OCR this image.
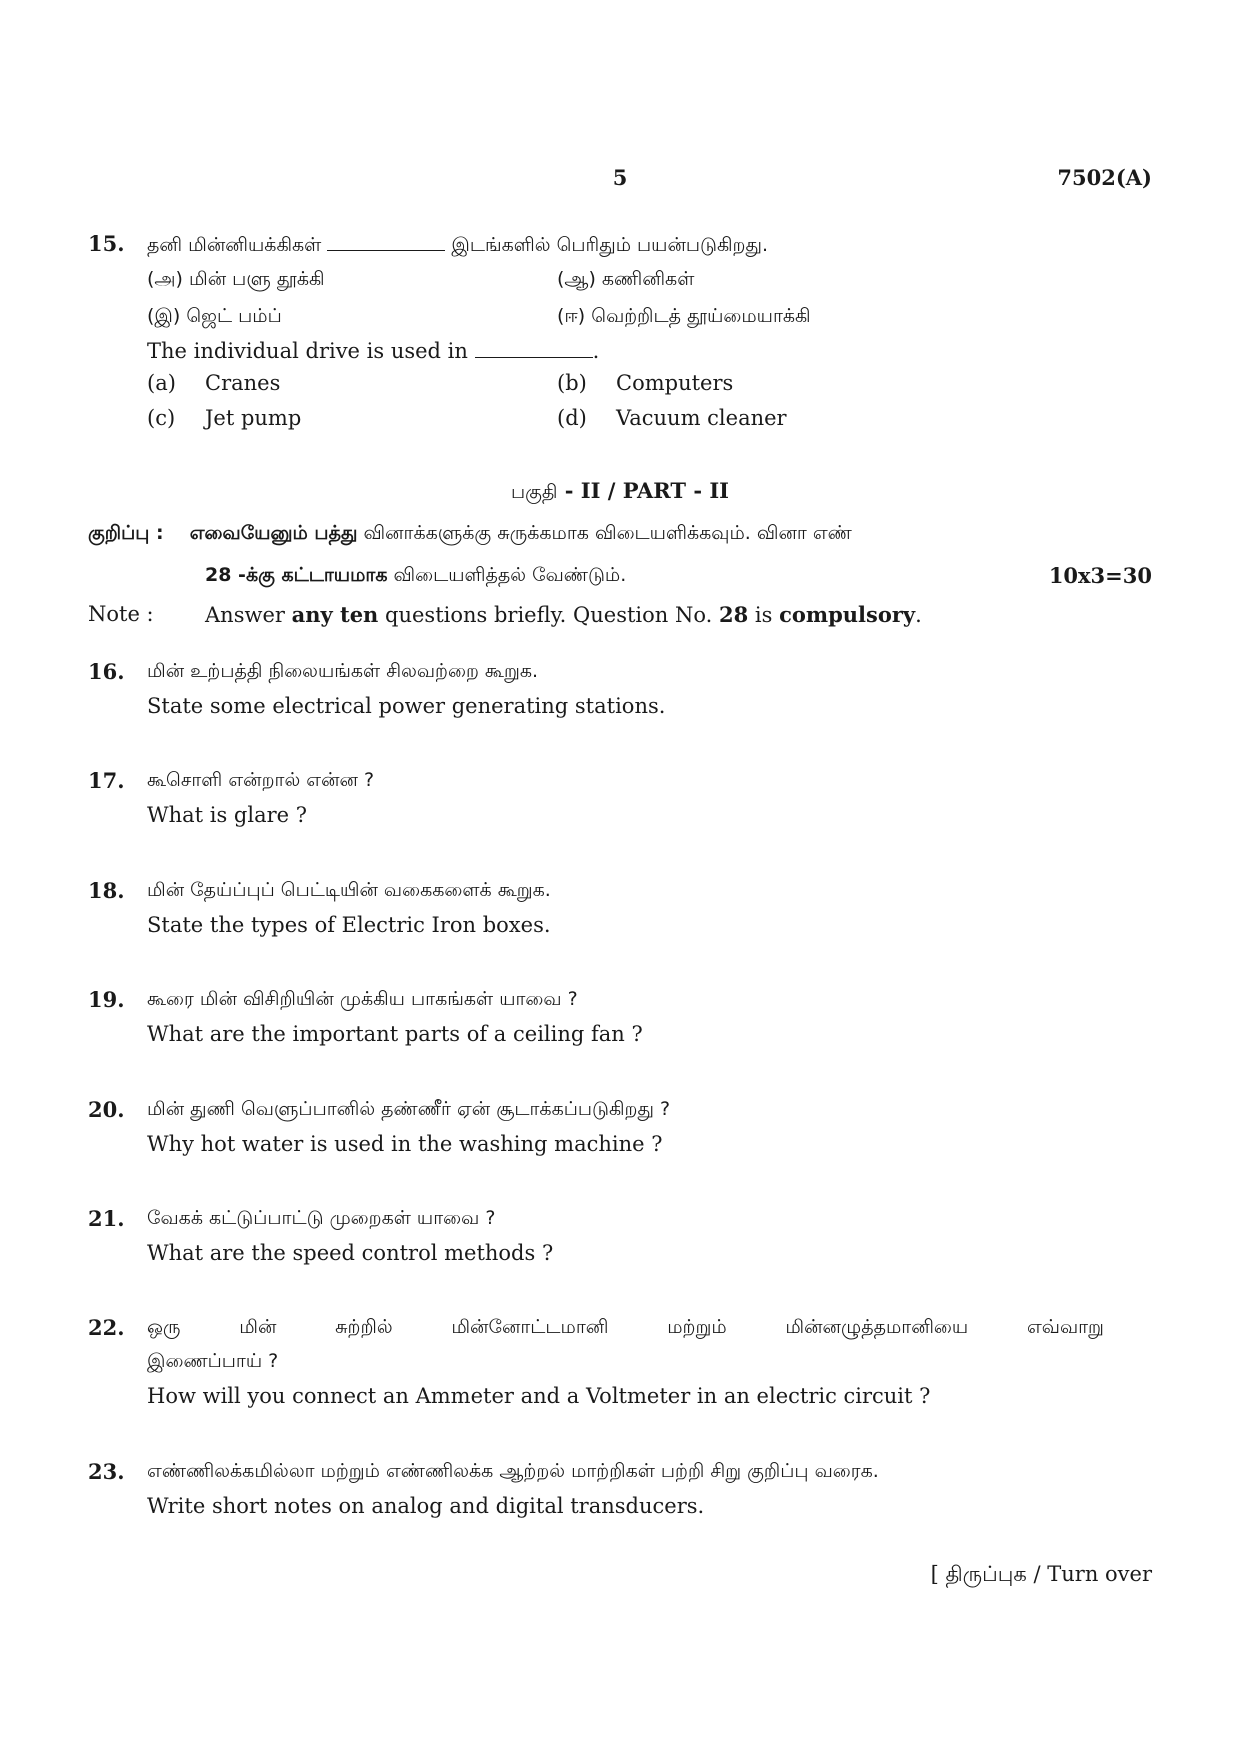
5	7502(A)
15. தனி மின்னியக்கிகள்	இடங்களில் பெரிதும் பயன்படுகிறது.
(அ) மின் பளு தூக்கி	(ஆ) கணினிகள்
(இ) ஜெட் பம்ப்	(ஈ) வெற்றிடத் தூய்மையாக்கி
The individual drive is used in	.
(a) Cranes	(b) Computers
(c) Jet pump	(d) Vacuum cleaner
பகுதி - II / PART - II
குறிப்பு : எவையேனும் பத்து வினாக்களுக்கு சுருக்கமாக விடையளிக்கவும். வினா எண்
28 -க்கு கட்டாயமாக விடையளித்தல் வேண்டும்.	10x3=30
Note : Answer any ten questions briefly. Question No. 28 is compulsory.
16. மின் உற்பத்தி நிலையங்கள் சிலவற்றை கூறுக.
State some electrical power generating stations.
17. கூசொளி என்றால் என்ன ?
What is glare ?
18. மின் தேய்ப்புப் பெட்டியின் வகைகளைக் கூறுக.
State the types of Electric Iron boxes.
19. கூரை மின் விசிறியின் முக்கிய பாகங்கள் யாவை ?
What are the important parts of a ceiling fan ?
20. மின் துணி வெளுப்பானில் தண்ணீர் ஏன் சூடாக்கப்படுகிறது ?
Why hot water is used in the washing machine ?
21. வேகக் கட்டுப்பாட்டு முறைகள் யாவை ?
What are the speed control methods ?
22. ஒரு	மின்	சுற்றில்	மின்னோட்டமானி	மற்றும்	மின்னழுத்தமானியை	எவ்வாறு
இணைப்பாய் ?
How will you connect an Ammeter and a Voltmeter in an electric circuit ?
23. எண்ணிலக்கமில்லா மற்றும் எண்ணிலக்க ஆற்றல் மாற்றிகள் பற்றி சிறு குறிப்பு வரைக.
Write short notes on analog and digital transducers.
[ திருப்புக / Turn over
